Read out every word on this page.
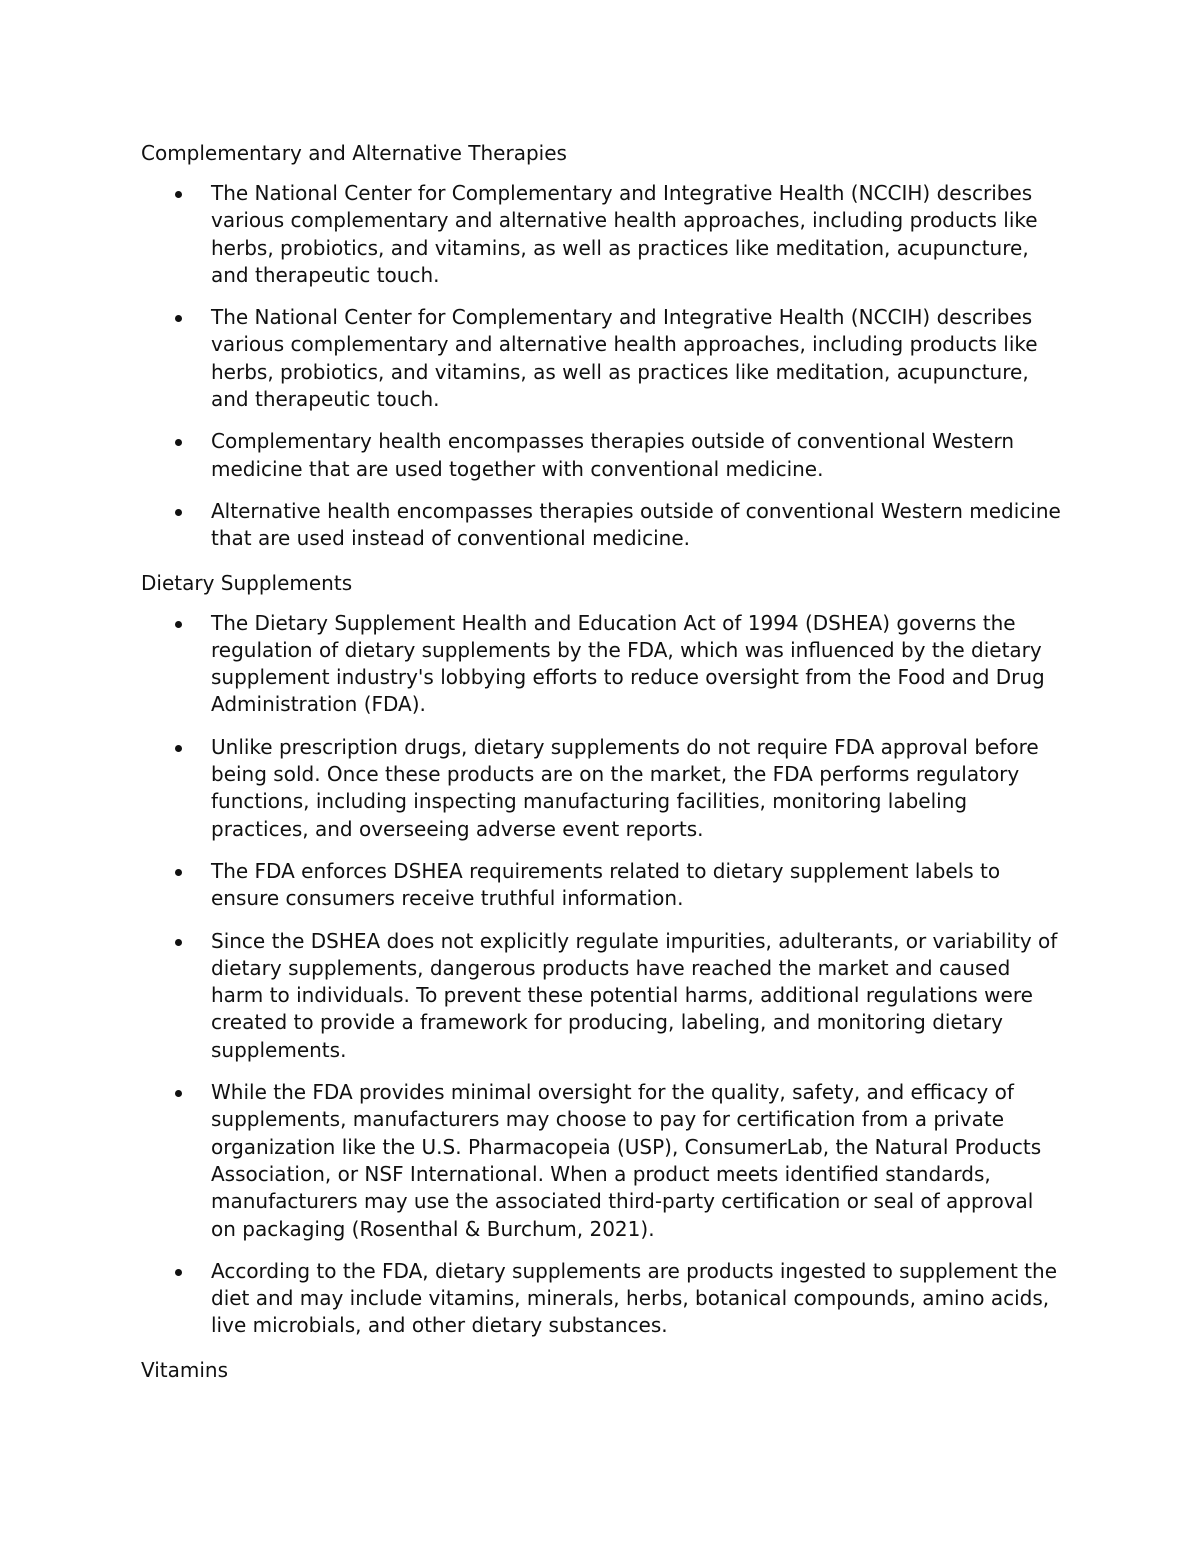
Complementary and Alternative Therapies
The National Center for Complementary and Integrative Health (NCCIH) describes various complementary and alternative health approaches, including products like herbs, probiotics, and vitamins, as well as practices like meditation, acupuncture, and therapeutic touch.
The National Center for Complementary and Integrative Health (NCCIH) describes various complementary and alternative health approaches, including products like herbs, probiotics, and vitamins, as well as practices like meditation, acupuncture, and therapeutic touch.
Complementary health encompasses therapies outside of conventional Western medicine that are used together with conventional medicine.
Alternative health encompasses therapies outside of conventional Western medicine that are used instead of conventional medicine.
Dietary Supplements
The Dietary Supplement Health and Education Act of 1994 (DSHEA) governs the regulation of dietary supplements by the FDA, which was influenced by the dietary supplement industry's lobbying efforts to reduce oversight from the Food and Drug Administration (FDA).
Unlike prescription drugs, dietary supplements do not require FDA approval before being sold. Once these products are on the market, the FDA performs regulatory functions, including inspecting manufacturing facilities, monitoring labeling practices, and overseeing adverse event reports.
The FDA enforces DSHEA requirements related to dietary supplement labels to ensure consumers receive truthful information.
Since the DSHEA does not explicitly regulate impurities, adulterants, or variability of dietary supplements, dangerous products have reached the market and caused harm to individuals. To prevent these potential harms, additional regulations were created to provide a framework for producing, labeling, and monitoring dietary supplements.
While the FDA provides minimal oversight for the quality, safety, and efficacy of supplements, manufacturers may choose to pay for certification from a private organization like the U.S. Pharmacopeia (USP), ConsumerLab, the Natural Products Association, or NSF International. When a product meets identified standards, manufacturers may use the associated third-party certification or seal of approval on packaging (Rosenthal & Burchum, 2021).
According to the FDA, dietary supplements are products ingested to supplement the diet and may include vitamins, minerals, herbs, botanical compounds, amino acids, live microbials, and other dietary substances.
Vitamins
